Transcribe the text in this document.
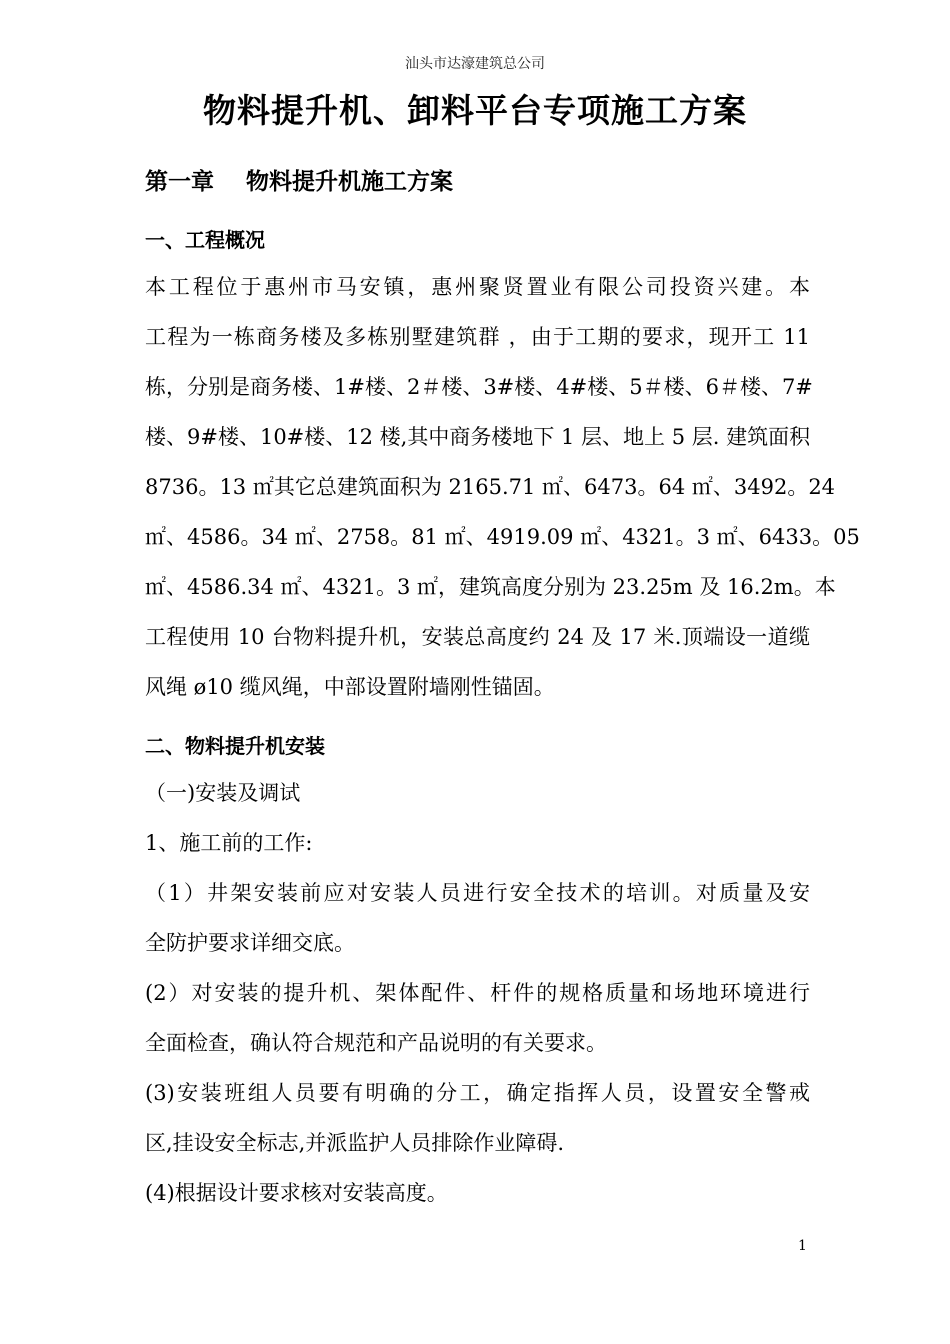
汕头市达濠建筑总公司
物料提升机、卸料平台专项施工方案
第一章    物料提升机施工方案
一、工程概况
本工程位于惠州市马安镇，惠州聚贤置业有限公司投资兴建。本
工程为一栋商务楼及多栋别墅建筑群 ，由于工期的要求，现开工 11
栋，分别是商务楼、1#楼、2＃楼、3#楼、4#楼、5＃楼、6＃楼、7#
楼、9#楼、10#楼、12 楼,其中商务楼地下 1 层、地上 5 层. 建筑面积
8736。13 ㎡其它总建筑面积为 2165.71 ㎡、6473。64 ㎡、3492。24
㎡、4586。34 ㎡、2758。81 ㎡、4919.09 ㎡、4321。3 ㎡、6433。05
㎡、4586.34 ㎡、4321。3 ㎡，建筑高度分别为 23.25m 及 16.2m。本
工程使用 10 台物料提升机，安装总高度约 24 及 17 米.顶端设一道缆
风绳 ø10 缆风绳，中部设置附墙刚性锚固。
二、物料提升机安装
（一)安装及调试
1、施工前的工作:
（1）井架安装前应对安装人员进行安全技术的培训。对质量及安
全防护要求详细交底。
(2）对安装的提升机、架体配件、杆件的规格质量和场地环境进行
全面检查，确认符合规范和产品说明的有关要求。
(3)安装班组人员要有明确的分工，确定指挥人员，设置安全警戒
区,挂设安全标志,并派监护人员排除作业障碍.
(4)根据设计要求核对安装高度。
1
